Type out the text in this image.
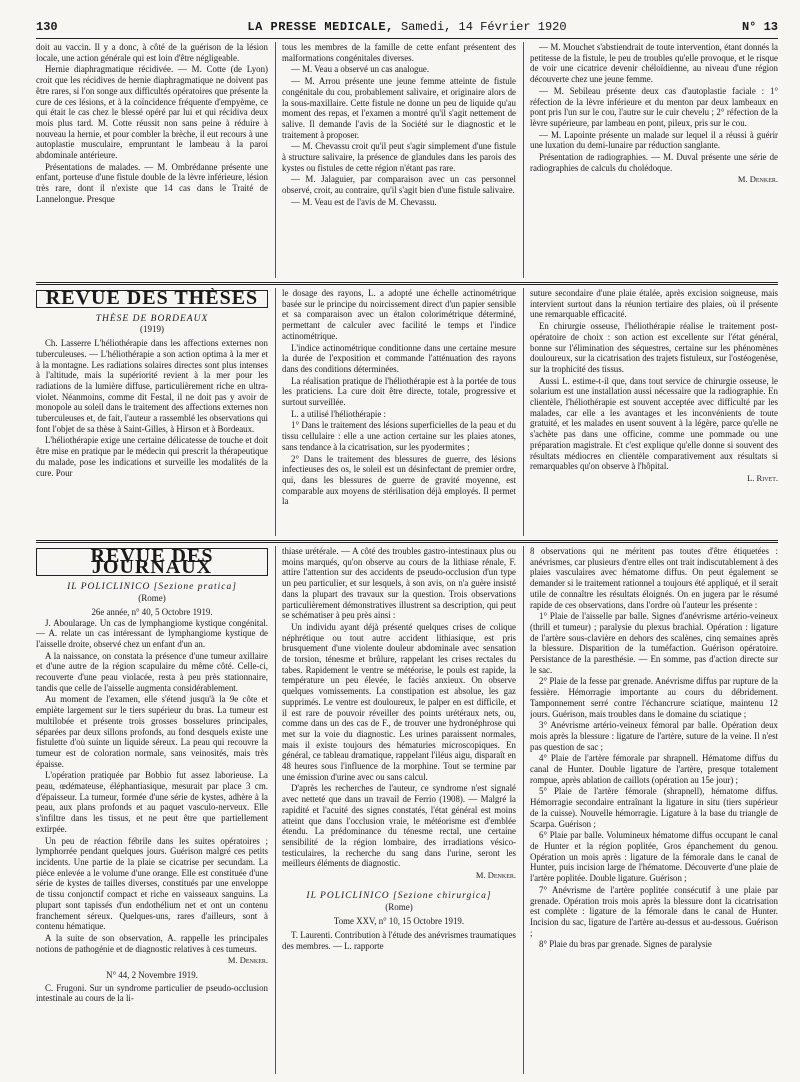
130	LA PRESSE MEDICALE, Samedi, 14 Février 1920	N° 13

doit au vaccin. Il y a donc, à côté de la guérison de la lésion locale, une action générale qui est loin d'être négligeable.

Hernie diaphragmatique récidivée. — M. Cotte (de Lyon) croit que les récidives de hernie diaphragmatique ne doivent pas être rares, si l'on songe aux difficultés opératoires que présente la cure de ces lésions, et à la coïncidence fréquente d'empyème, ce qui était le cas chez le blessé opéré par lui et qui récidiva deux mois plus tard. M. Cotte réussit non sans peine à réduire à nouveau la hernie, et pour combler la brèche, il eut recours à une autoplastie musculaire, empruntant le lambeau à la paroi abdominale antérieure.

Présentations de malades. — M. Ombrédanne présente une enfant, porteuse d'une fistule double de la lèvre inférieure, lésion très rare, dont il n'existe que 14 cas dans le Traité de Lannelongue. Presque

tous les membres de la famille de cette enfant présentent des malformations congénitales diverses.

— M. Veau a observé un cas analogue.

— M. Arrou présente une jeune femme atteinte de fistule congénitale du cou, probablement salivaire, et originaire alors de la sous-maxillaire. Cette fistule ne donne un peu de liquide qu'au moment des repas, et l'examen a montré qu'il s'agit nettement de salive. Il demande l'avis de la Société sur le diagnostic et le traitement à proposer.

— M. Chevassu croit qu'il peut s'agir simplement d'une fistule à structure salivaire, la présence de glandules dans les parois des kystes ou fistules de cette région n'étant pas rare.

— M. Jalaguier, par comparaison avec un cas personnel observé, croit, au contraire, qu'il s'agit bien d'une fistule salivaire.

— M. Veau est de l'avis de M. Chevassu.

— M. Mouchet s'abstiendrait de toute intervention, étant donnés la petitesse de la fistule, le peu de troubles qu'elle provoque, et le risque de voir une cicatrice devenir chéloïdienne, au niveau d'une région découverte chez une jeune femme.

— M. Sebileau présente deux cas d'autoplastie faciale : 1° réfection de la lèvre inférieure et du menton par deux lambeaux en pont pris l'un sur le cou, l'autre sur le cuir chevelu ; 2° réfection de la lèvre supérieure, par lambeau en pont, pileux, pris sur le cou.

— M. Lapointe présente un malade sur lequel il a réussi à guérir une luxation du demi-lunaire par réduction sanglante.

Présentation de radiographies. — M. Duval présente une série de radiographies de calculs du cholédoque.

M. Denker.
REVUE DES THÈSES
THÈSE DE BORDEAUX
(1919)

Ch. Lasserre L'héliothérapie dans les affections externes non tuberculeuses. — L'héliothérapie a son action optima à la mer et à la montagne. Les radiations solaires directes sont plus intenses à l'altitude, mais la supériorité revient à la mer pour les radiations de la lumière diffuse, particulièrement riche en ultra-violet. Néanmoins, comme dit Festal, il ne doit pas y avoir de monopole au soleil dans le traitement des affections externes non tuberculeuses et, de fait, l'auteur a rassemblé les observations qui font l'objet de sa thèse à Saint-Gilles, à Hirson et à Bordeaux.

L'héliothérapie exige une certaine délicatesse de touche et doit être mise en pratique par le médecin qui prescrit la thérapeutique du malade, pose les indications et surveille les modalités de la cure. Pour

le dosage des rayons, L. a adopté une échelle actinométrique basée sur le principe du noircissement direct d'un papier sensible et sa comparaison avec un étalon colorimétrique déterminé, permettant de calculer avec facilité le temps et l'indice actinométrique.

L'indice actinométrique conditionne dans une certaine mesure la durée de l'exposition et commande l'atténuation des rayons dans des conditions déterminées.

La réalisation pratique de l'héliothérapie est à la portée de tous les praticiens. La cure doit être directe, totale, progressive et surtout surveillée.

L. a utilisé l'héliothérapie :

1° Dans le traitement des lésions superficielles de la peau et du tissu cellulaire : elle a une action certaine sur les plaies atones, sans tendance à la cicatrisation, sur les pyodermites ;

2° Dans le traitement des blessures de guerre, des lésions infectieuses des os, le soleil est un désinfectant de premier ordre, qui, dans les blessures de guerre de gravité moyenne, est comparable aux moyens de stérilisation déjà employés. Il permet la

suture secondaire d'une plaie étalée, après excision soigneuse, mais intervient surtout dans la réunion tertiaire des plaies, où il présente une remarquable efficacité.

En chirurgie osseuse, l'héliothérapie réalise le traitement post-opératoire de choix : son action est excellente sur l'état général, bonne sur l'élimination des séquestres, certaine sur les phénomènes douloureux, sur la cicatrisation des trajets fistuleux, sur l'ostéogenèse, sur la trophicité des tissus.

Aussi L. estime-t-il que, dans tout service de chirurgie osseuse, le solarium est une installation aussi nécessaire que la radiographie. En clientèle, l'héliothérapie est souvent acceptée avec difficulté par les malades, car elle a les avantages et les inconvénients de toute gratuité, et les malades en usent souvent à la légère, parce qu'elle ne s'achète pas dans une officine, comme une pommade ou une préparation magistrale. Et c'est explique qu'elle donne si souvent des résultats médiocres en clientèle comparativement aux résultats si remarquables qu'on observe à l'hôpital.

L. Rivet.
REVUE DES JOURNAUX
IL POLICLINICO [Sezione pratica]
(Rome)
26e année, n° 40, 5 Octobre 1919.

J. Aboularage. Un cas de lymphangiome kystique congénital. — A. relate un cas intéressant de lymphangiome kystique de l'aisselle droite, observé chez un enfant d'un an.

A la naissance, on constata la présence d'une tumeur axillaire et d'une autre de la région scapulaire du même côté. Celle-ci, recouverte d'une peau violacée, resta à peu près stationnaire, tandis que celle de l'aisselle augmenta considérablement.

Au moment de l'examen, elle s'étend jusqu'à la 9e côte et empiète largement sur le tiers supérieur du bras. La tumeur est multilobée et présente trois grosses bosselures principales, séparées par deux sillons profonds, au fond desquels existe une fistulette d'où suinte un liquide séreux. La peau qui recouvre la tumeur est de coloration normale, sans veinosités, mais très épaisse.

L'opération pratiquée par Bobbio fut assez laborieuse. La peau, œdémateuse, éléphantiasique, mesurait par place 3 cm. d'épaisseur. La tumeur, formée d'une série de kystes, adhère à la peau, aux plans profonds et au paquet vasculo-nerveux. Elle s'infiltre dans les tissus, et ne peut être que partiellement extirpée.

Un peu de réaction fébrile dans les suites opératoires ; lymphorrée pendant quelques jours. Guérison malgré ces petits incidents. Une partie de la plaie se cicatrise per secundam. La pièce enlevée a le volume d'une orange. Elle est constituée d'une série de kystes de tailles diverses, constitués par une enveloppe de tissu conjonctif compact et riche en vaisseaux sanguins. La plupart sont tapissés d'un endothélium net et ont un contenu franchement séreux. Quelques-uns, rares d'ailleurs, sont à contenu hématique.

A la suite de son observation, A. rappelle les principales notions de pathogénie et de diagnostic relatives à ces tumeurs.

M. Denker.
N° 44, 2 Novembre 1919.

C. Frugoni. Sur un syndrome particulier de pseudo-occlusion intestinale au cours de la li-

thiase urétérale. — A côté des troubles gastro-intestinaux plus ou moins marqués, qu'on observe au cours de la lithiase rénale, F. attire l'attention sur des accidents de pseudo-occlusion d'un type un peu particulier, et sur lesquels, à son avis, on n'a guère insisté dans la plupart des travaux sur la question. Trois observations particulièrement démonstratives illustrent sa description, qui peut se schématiser à peu près ainsi :

Un individu ayant déjà présenté quelques crises de colique néphrétique ou tout autre accident lithiasique, est pris brusquement d'une violente douleur abdominale avec sensation de torsion, ténesme et brûlure, rappelant les crises rectales du tabes. Rapidement le ventre se météorise, le pouls est rapide, la température un peu élevée, le faciès anxieux. On observe quelques vomissements. La constipation est absolue, les gaz supprimés. Le ventre est douloureux, le palper en est difficile, et il est rare de pouvoir réveiller des points urétéraux nets, ou, comme dans un des cas de F., de trouver une hydronéphrose qui met sur la voie du diagnostic. Les urines paraissent normales, mais il existe toujours des hématuries microscopiques. En général, ce tableau dramatique, rappelant l'iléus aigu, disparaît en 48 heures sous l'influence de la morphine. Tout se termine par une émission d'urine avec ou sans calcul.

D'après les recherches de l'auteur, ce syndrome n'est signalé avec netteté que dans un travail de Ferrio (1908). — Malgré la rapidité et l'acuité des signes constatés, l'état général est moins atteint que dans l'occlusion vraie, le météorisme est d'emblée étendu. La prédominance du ténesme rectal, une certaine sensibilité de la région lombaire, des irradiations vésico-testiculaires, la recherche du sang dans l'urine, seront les meilleurs éléments de diagnostic.

M. Denker.
IL POLICLINICO [Sezione chirurgica]
(Rome)
Tome XXV, n° 10, 15 Octobre 1919.

T. Laurenti. Contribution à l'étude des anévrismes traumatiques des membres. — L. rapporte

8 observations qui ne méritent pas toutes d'être étiquetées : anévrismes, car plusieurs d'entre elles ont trait indiscutablement à des plaies vasculaires avec hématome diffus. On peut également se demander si le traitement rationnel a toujours été appliqué, et il serait utile de connaître les résultats éloignés. On en jugera par le résumé rapide de ces observations, dans l'ordre où l'auteur les présente :

1° Plaie de l'aisselle par balle. Signes d'anévrisme artério-veineux (thrill et tumeur) ; paralysie du plexus brachial. Opération : ligature de l'artère sous-clavière en dehors des scalènes, cinq semaines après la blessure. Disparition de la tuméfaction. Guérison opératoire. Persistance de la paresthésie. — En somme, pas d'action directe sur le sac.

2° Plaie de la fesse par grenade. Anévrisme diffus par rupture de la fessière. Hémorragie importante au cours du débridement. Tamponnement serré contre l'échancrure sciatique, maintenu 12 jours. Guérison, mais troubles dans le domaine du sciatique ;

3° Anévrisme artério-veineux fémoral par balle. Opération deux mois après la blessure : ligature de l'artère, suture de la veine. Il n'est pas question de sac ;

4° Plaie de l'artère fémorale par shrapnell. Hématome diffus du canal de Hunter. Double ligature de l'artère, presque totalement rompue, après ablation de caillots (opération au 15e jour) ;

5° Plaie de l'artère fémorale (shrapnell), hématome diffus. Hémorragie secondaire entraînant la ligature in situ (tiers supérieur de la cuisse). Nouvelle hémorragie. Ligature à la base du triangle de Scarpa. Guérison ;

6° Plaie par balle. Volumineux hématome diffus occupant le canal de Hunter et la région poplitée, Gros épanchement du genou. Opération un mois après : ligature de la fémorale dans le canal de Hunter, puis incision large de l'hématome. Découverte d'une plaie de l'artère poplitée. Double ligature. Guérison ;

7° Anévrisme de l'artère poplitée consécutif à une plaie par grenade. Opération trois mois après la blessure dont la cicatrisation est complète : ligature de la fémorale dans le canal de Hunter. Incision du sac, ligature de l'artère au-dessus et au-dessous. Guérison ;

8° Plaie du bras par grenade. Signes de paralysie
